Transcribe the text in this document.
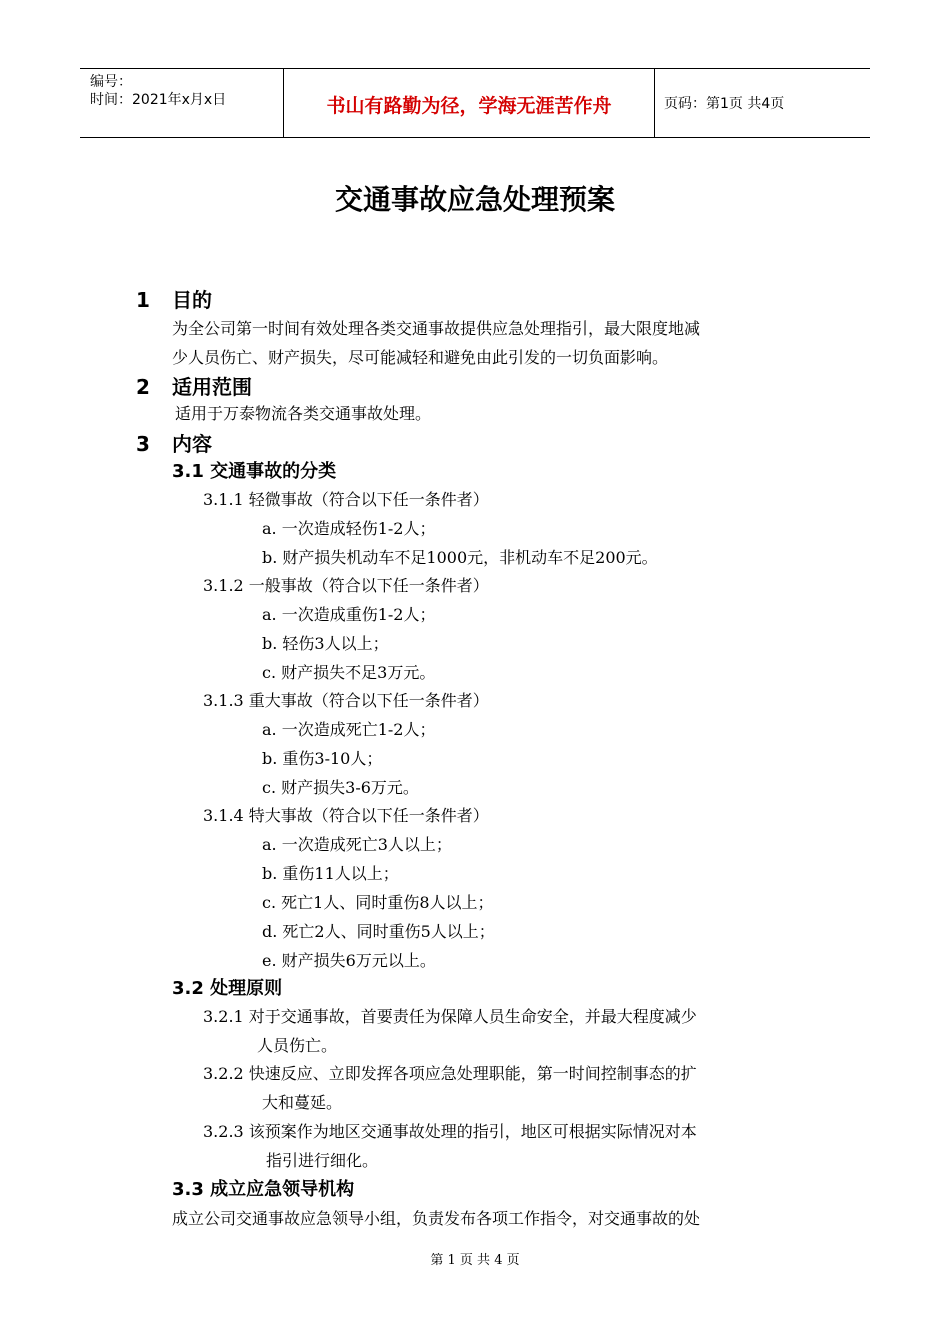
编号：
时间：2021年x月x日	书山有路勤为径，学海无涯苦作舟	页码：第1页 共4页
交通事故应急处理预案
1 目的
为全公司第一时间有效处理各类交通事故提供应急处理指引，最大限度地减
少人员伤亡、财产损失，尽可能减轻和避免由此引发的一切负面影响。
2 适用范围
适用于万泰物流各类交通事故处理。
3 内容
3.1 交通事故的分类
3.1.1 轻微事故（符合以下任一条件者）
a. 一次造成轻伤1-2人；
b. 财产损失机动车不足1000元，非机动车不足200元。
3.1.2 一般事故（符合以下任一条件者）
a. 一次造成重伤1-2人；
b. 轻伤3人以上；
c. 财产损失不足3万元。
3.1.3 重大事故（符合以下任一条件者）
a. 一次造成死亡1-2人；
b. 重伤3-10人；
c. 财产损失3-6万元。
3.1.4 特大事故（符合以下任一条件者）
a. 一次造成死亡3人以上；
b. 重伤11人以上；
c. 死亡1人、同时重伤8人以上；
d. 死亡2人、同时重伤5人以上；
e. 财产损失6万元以上。
3.2 处理原则
3.2.1 对于交通事故，首要责任为保障人员生命安全，并最大程度减少
人员伤亡。
3.2.2 快速反应、立即发挥各项应急处理职能，第一时间控制事态的扩
大和蔓延。
3.2.3 该预案作为地区交通事故处理的指引，地区可根据实际情况对本
指引进行细化。
3.3 成立应急领导机构
成立公司交通事故应急领导小组，负责发布各项工作指令，对交通事故的处
第 1 页 共 4 页
